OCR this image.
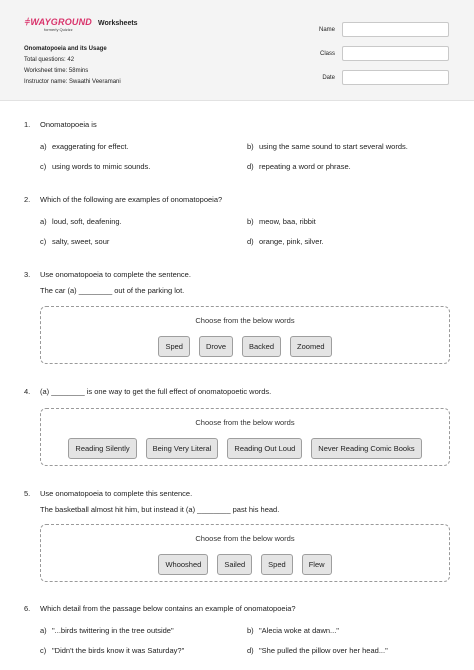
⫩WAYGROUND
formerly Quizizz
Worksheets
Onomatopoeia and its Usage
Total questions: 42
Worksheet time: 58mins
Instructor name: Swaathi Veeramani
Name
Class
Date
1.	Onomatopoeia is
a) exaggerating for effect.	b) using the same sound to start several words.
c) using words to mimic sounds.	d) repeating a word or phrase.
2.	Which of the following are examples of onomatopoeia?
a) loud, soft, deafening.	b) meow, baa, ribbit
c) salty, sweet, sour	d) orange, pink, silver.
3.	Use onomatopoeia to complete the sentence.
The car (a) ________ out of the parking lot.
Choose from the below words
Sped	Drove	Backed	Zoomed
4.	(a) ________ is one way to get the full effect of onomatopoetic words.
Choose from the below words
Reading Silently	Being Very Literal	Reading Out Loud	Never Reading Comic Books
5.	Use onomatopoeia to complete this sentence.
The basketball almost hit him, but instead it (a) ________ past his head.
Choose from the below words
Whooshed	Sailed	Sped	Flew
6.	Which detail from the passage below contains an example of onomatopoeia?
a) "...birds twittering in the tree outside"	b) "Alecia woke at dawn..."
c) "Didn't the birds know it was Saturday?"	d) "She pulled the pillow over her head..."
